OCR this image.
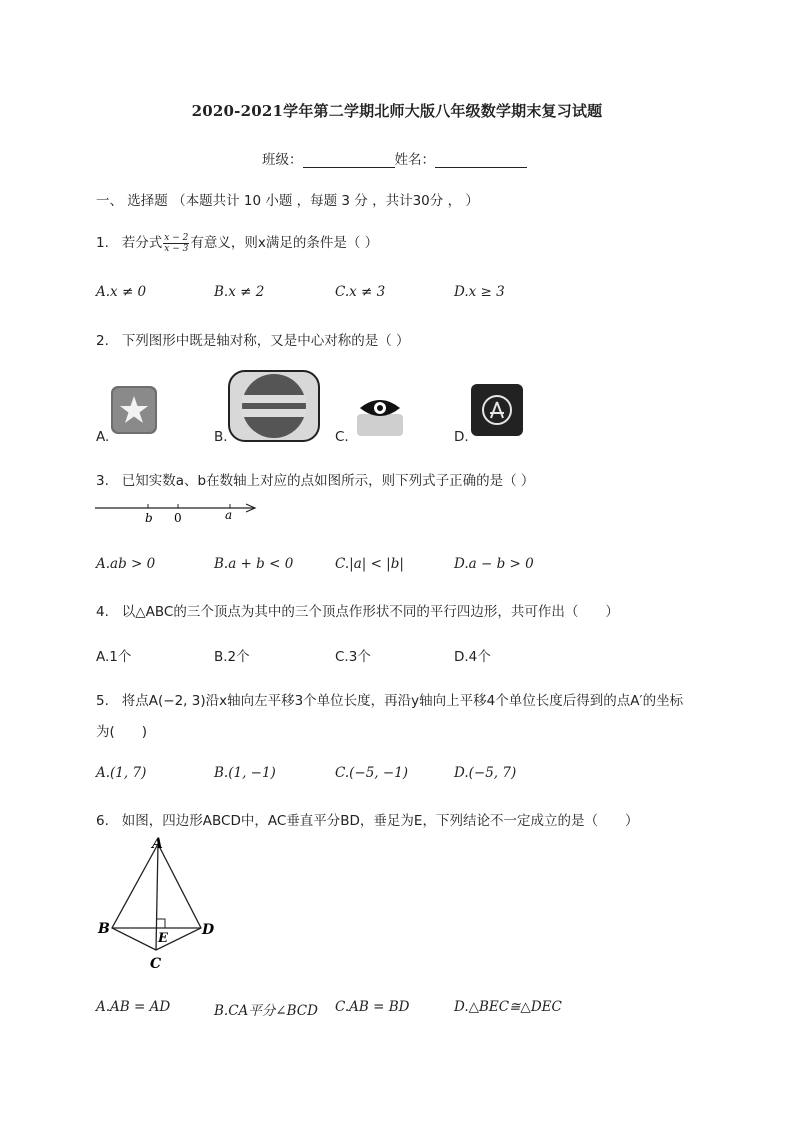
2020-2021学年第二学期北师大版八年级数学期末复习试题
班级：	姓名：
一、 选择题 （本题共计 10 小题 ，每题 3 分 ，共计30分 ， ）
1. 若分式 $\frac{x - 2}{x - 3}$ 有意义，则x满足的条件是（ ）
A.x ≠ 0	B.x ≠ 2	C.x ≠ 3	D.x ≥ 3
2. 下列图形中既是轴对称，又是中心对称的是（ ）
A.	B.	C.	D.
3. 已知实数a、b在数轴上对应的点如图所示，则下列式子正确的是（ ）
b 0	a
A.ab > 0	B.a + b < 0	C.|a| < |b|	D.a − b > 0
4. 以△ABC的三个顶点为其中的三个顶点作形状不同的平行四边形，共可作出（　　）
A.1个	B.2个	C.3个	D.4个
5. 将点A(−2, 3)沿x轴向左平移3个单位长度，再沿y轴向上平移4个单位长度后得到的点A′的坐标
为(　　)
A.(1, 7)	B.(1, −1)	C.(−5, −1)	D.(−5, 7)
6. 如图，四边形ABCD中，AC垂直平分BD，垂足为E，下列结论不一定成立的是（　　）
A
B
C
D
E
A.AB = AD	B.CA平分∠BCD C.AB = BD	D.△BEC≅△DEC
